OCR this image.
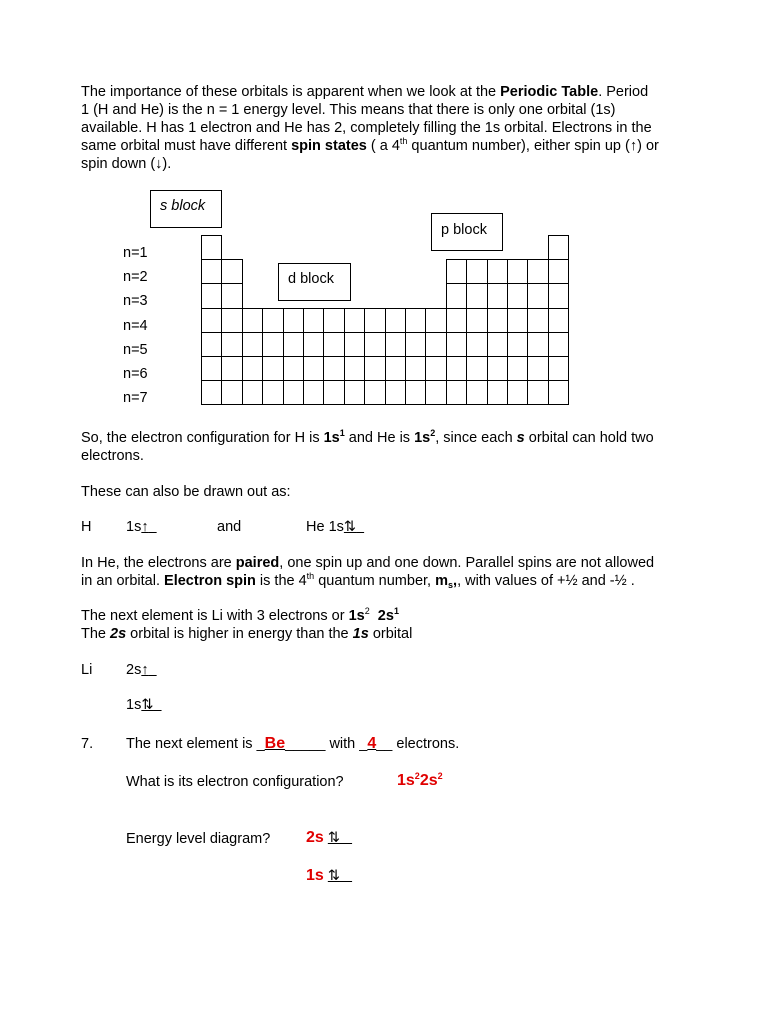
The importance of these orbitals is apparent when we look at the Periodic Table. Period
1 (H and He) is the n = 1 energy level. This means that there is only one orbital (1s)
available. H has 1 electron and He has 2, completely filling the 1s orbital. Electrons in the
same orbital must have different spin states ( a 4th quantum number), either spin up (↑) or
spin down (↓).
s block
p block
d block
n=1
n=2
n=3
n=4
n=5
n=6
n=7
So, the electron configuration for H is $1s^1$ and He is $1s^2$, since each s orbital can hold two
electrons.
These can also be drawn out as:
H 1s↑	and	He 1s⇅
In He, the electrons are paired, one spin up and one down. Parallel spins are not allowed
in an orbital. Electron spin is the 4th quantum number, $m_s$,, with values of +½ and -½ .
The next element is Li with 3 electrons or $1s^2$ $2s^1$
The 2s orbital is higher in energy than the 1s orbital
Li 2s↑
1s⇅
7. The next element is _Be_____ with _4__ electrons.
What is its electron configuration?	$1s^22s^2$
Energy level diagram? 2s ⇅
1s ⇅
